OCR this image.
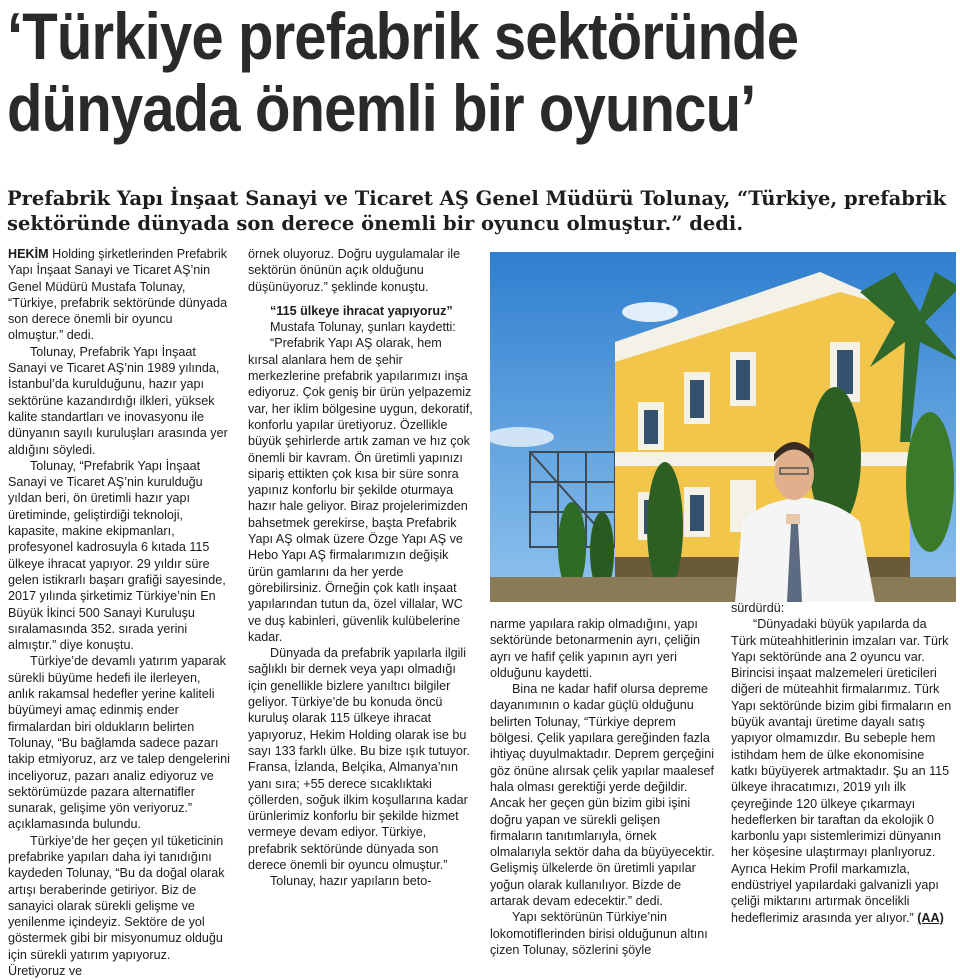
‘Türkiye prefabrik sektöründe
dünyada önemli bir oyuncu’

Prefabrik Yapı İnşaat Sanayi ve Ticaret AŞ Genel Müdürü Tolunay, “Türkiye, prefabrik sektöründe dünyada son derece önemli bir oyuncu olmuştur.” dedi.

HEKİM Holding şirketlerinden Prefabrik Yapı İnşaat Sanayi ve Ticaret AŞ’nin Genel Müdürü Mustafa Tolunay, “Türkiye, prefabrik sektöründe dünyada son derece önemli bir oyuncu olmuştur.” dedi.

Tolunay, Prefabrik Yapı İnşaat Sanayi ve Ticaret AŞ’nin 1989 yılında, İstanbul’da kurulduğunu, hazır yapı sektörüne kazandırdığı ilkleri, yüksek kalite standartları ve inovasyonu ile dünyanın sayılı kuruluşları arasında yer aldığını söyledi.

Tolunay, “Prefabrik Yapı İnşaat Sanayi ve Ticaret AŞ’nin kurulduğu yıldan beri, ön üretimli hazır yapı üretiminde, geliştirdiği teknoloji, kapasite, makine ekipmanları, profesyonel kadrosuyla 6 kıtada 115 ülkeye ihracat yapıyor. 29 yıldır süre gelen istikrarlı başarı grafiği sayesinde, 2017 yılında şirketimiz Türkiye’nin En Büyük İkinci 500 Sanayi Kuruluşu sıralamasında 352. sırada yerini almıştır.” diye konuştu.

Türkiye’de devamlı yatırım yaparak sürekli büyüme hedefi ile ilerleyen, anlık rakamsal hedefler yerine kaliteli büyümeyi amaç edinmiş ender firmalardan biri oldukların belirten Tolunay, “Bu bağlamda sadece pazarı takip etmiyoruz, arz ve talep dengelerini inceliyoruz, pazarı analiz ediyoruz ve sektörümüzde pazara alternatifler sunarak, gelişime yön veriyoruz.” açıklamasında bulundu.

Türkiye’de her geçen yıl tüketicinin prefabrike yapıları daha iyi tanıdığını kaydeden Tolunay, “Bu da doğal olarak artışı beraberinde getiriyor. Biz de sanayici olarak sürekli gelişme ve yenilenme içindeyiz. Sektöre de yol göstermek gibi bir misyonumuz olduğu için sürekli yatırım yapıyoruz. Üretiyoruz ve

örnek oluyoruz. Doğru uygulamalar ile sektörün önünün açık olduğunu düşünüyoruz.” şeklinde konuştu.

“115 ülkeye ihracat yapıyoruz”

Mustafa Tolunay, şunları kaydetti:

“Prefabrik Yapı AŞ olarak, hem kırsal alanlara hem de şehir merkezlerine prefabrik yapılarımızı inşa ediyoruz. Çok geniş bir ürün yelpazemiz var, her iklim bölgesine uygun, dekoratif, konforlu yapılar üretiyoruz. Özellikle büyük şehirlerde artık zaman ve hız çok önemli bir kavram. Ön üretimli yapınızı sipariş ettikten çok kısa bir süre sonra yapınız konforlu bir şekilde oturmaya hazır hale geliyor. Biraz projelerimizden bahsetmek gerekirse, başta Prefabrik Yapı AŞ olmak üzere Özge Yapı AŞ ve Hebo Yapı AŞ firmalarımızın değişik ürün gamlarını da her yerde görebilirsiniz. Örneğin çok katlı inşaat yapılarından tutun da, özel villalar, WC ve duş kabinleri, güvenlik kulübelerine kadar.

Dünyada da prefabrik yapılarla ilgili sağlıklı bir dernek veya yapı olmadığı için genellikle bizlere yanıltıcı bilgiler geliyor. Türkiye’de bu konuda öncü kuruluş olarak 115 ülkeye ihracat yapıyoruz, Hekim Holding olarak ise bu sayı 133 farklı ülke. Bu bize ışık tutuyor. Fransa, İzlanda, Belçika, Almanya’nın yanı sıra; +55 derece sıcaklıktaki çöllerden, soğuk ilkim koşullarına kadar ürünlerimiz konforlu bir şekilde hizmet vermeye devam ediyor. Türkiye, prefabrik sektöründe dünyada son derece önemli bir oyuncu olmuştur.”

Tolunay, hazır yapıların beto-

narme yapılara rakip olmadığını, yapı sektöründe betonarmenin ayrı, çeliğin ayrı ve hafif çelik yapının ayrı yeri olduğunu kaydetti.

Bina ne kadar hafif olursa depreme dayanımının o kadar güçlü olduğunu belirten Tolunay, “Türkiye deprem bölgesi. Çelik yapılara gereğinden fazla ihtiyaç duyulmaktadır. Deprem gerçeğini göz önüne alırsak çelik yapılar maalesef hala olması gerektiği yerde değildir. Ancak her geçen gün bizim gibi işini doğru yapan ve sürekli gelişen firmaların tanıtımlarıyla, örnek olmalarıyla sektör daha da büyüyecektir. Gelişmiş ülkelerde ön üretimli yapılar yoğun olarak kullanılıyor. Bizde de artarak devam edecektir.” dedi.

Yapı sektörünün Türkiye’nin lokomotiflerinden birisi olduğunun altını çizen Tolunay, sözlerini şöyle

sürdürdü:

“Dünyadaki büyük yapılarda da Türk müteahhitlerinin imzaları var. Türk Yapı sektöründe ana 2 oyuncu var. Birincisi inşaat malzemeleri üreticileri diğeri de müteahhit firmalarımız. Türk Yapı sektöründe bizim gibi firmaların en büyük avantajı üretime dayalı satış yapıyor olmamızdır. Bu sebeple hem istihdam hem de ülke ekonomisine katkı büyüyerek artmaktadır. Şu an 115 ülkeye ihracatımızı, 2019 yılı ilk çeyreğinde 120 ülkeye çıkarmayı hedeflerken bir taraftan da ekolojik 0 karbonlu yapı sistemlerimizi dünyanın her köşesine ulaştırmayı planlıyoruz. Ayrıca Hekim Profil markamızla, endüstriyel yapılardaki galvanizli yapı çeliği miktarını artırmak öncelikli hedeflerimiz arasında yer alıyor.” (AA)
